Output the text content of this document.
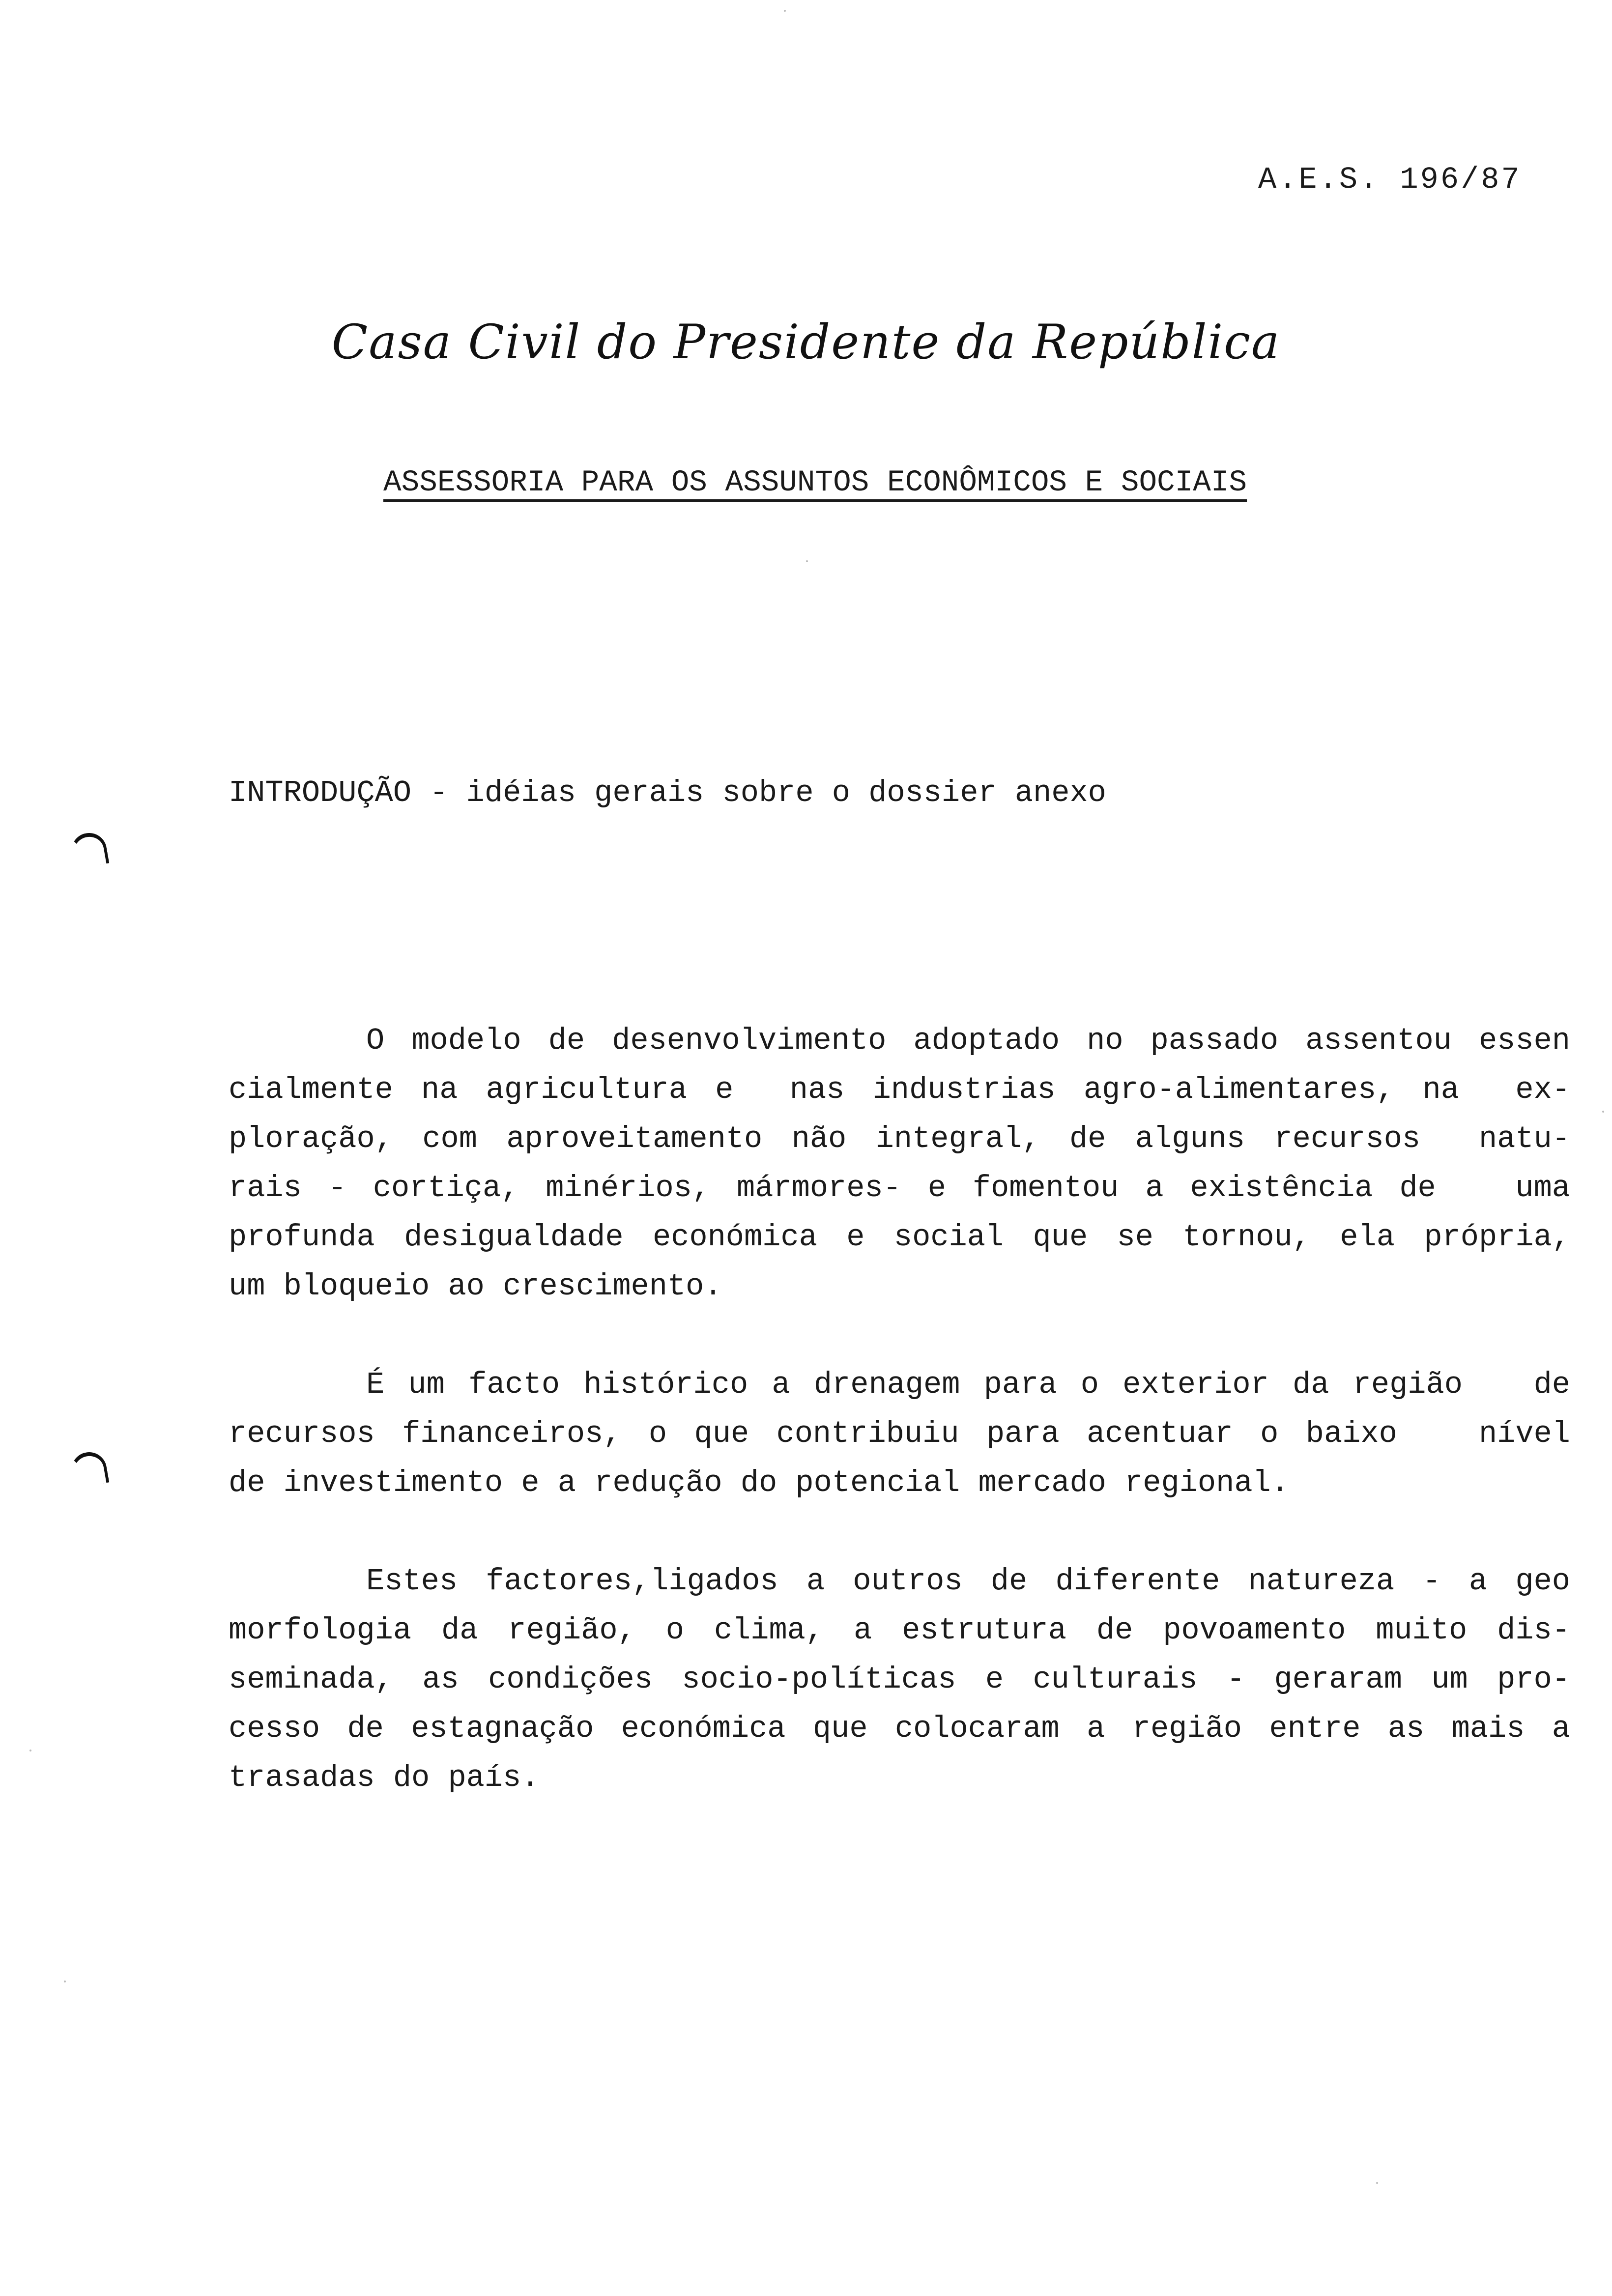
A.E.S. 196/87
Casa Civil do Presidente da República
ASSESSORIA PARA OS ASSUNTOS ECONÔMICOS E SOCIAIS
INTRODUÇÃO - idéias gerais sobre o dossier anexo
O modelo de desenvolvimento adoptado no passado assentou essen
cialmente na agricultura e  nas industrias agro-alimentares, na  ex-
ploração, com aproveitamento não integral, de alguns recursos  natu-
rais - cortiça, minérios, mármores- e fomentou a existência de   uma
profunda desigualdade económica e social que se tornou, ela própria,
um bloqueio ao crescimento.
É um facto histórico a drenagem para o exterior da região   de
recursos financeiros, o que contribuiu para acentuar o baixo   nível
de investimento e a redução do potencial mercado regional.
Estes factores,ligados a outros de diferente natureza - a geo
morfologia da região, o clima, a estrutura de povoamento muito dis-
seminada, as condições socio-políticas e culturais - geraram um pro-
cesso de estagnação económica que colocaram a região entre as mais a
trasadas do país.
